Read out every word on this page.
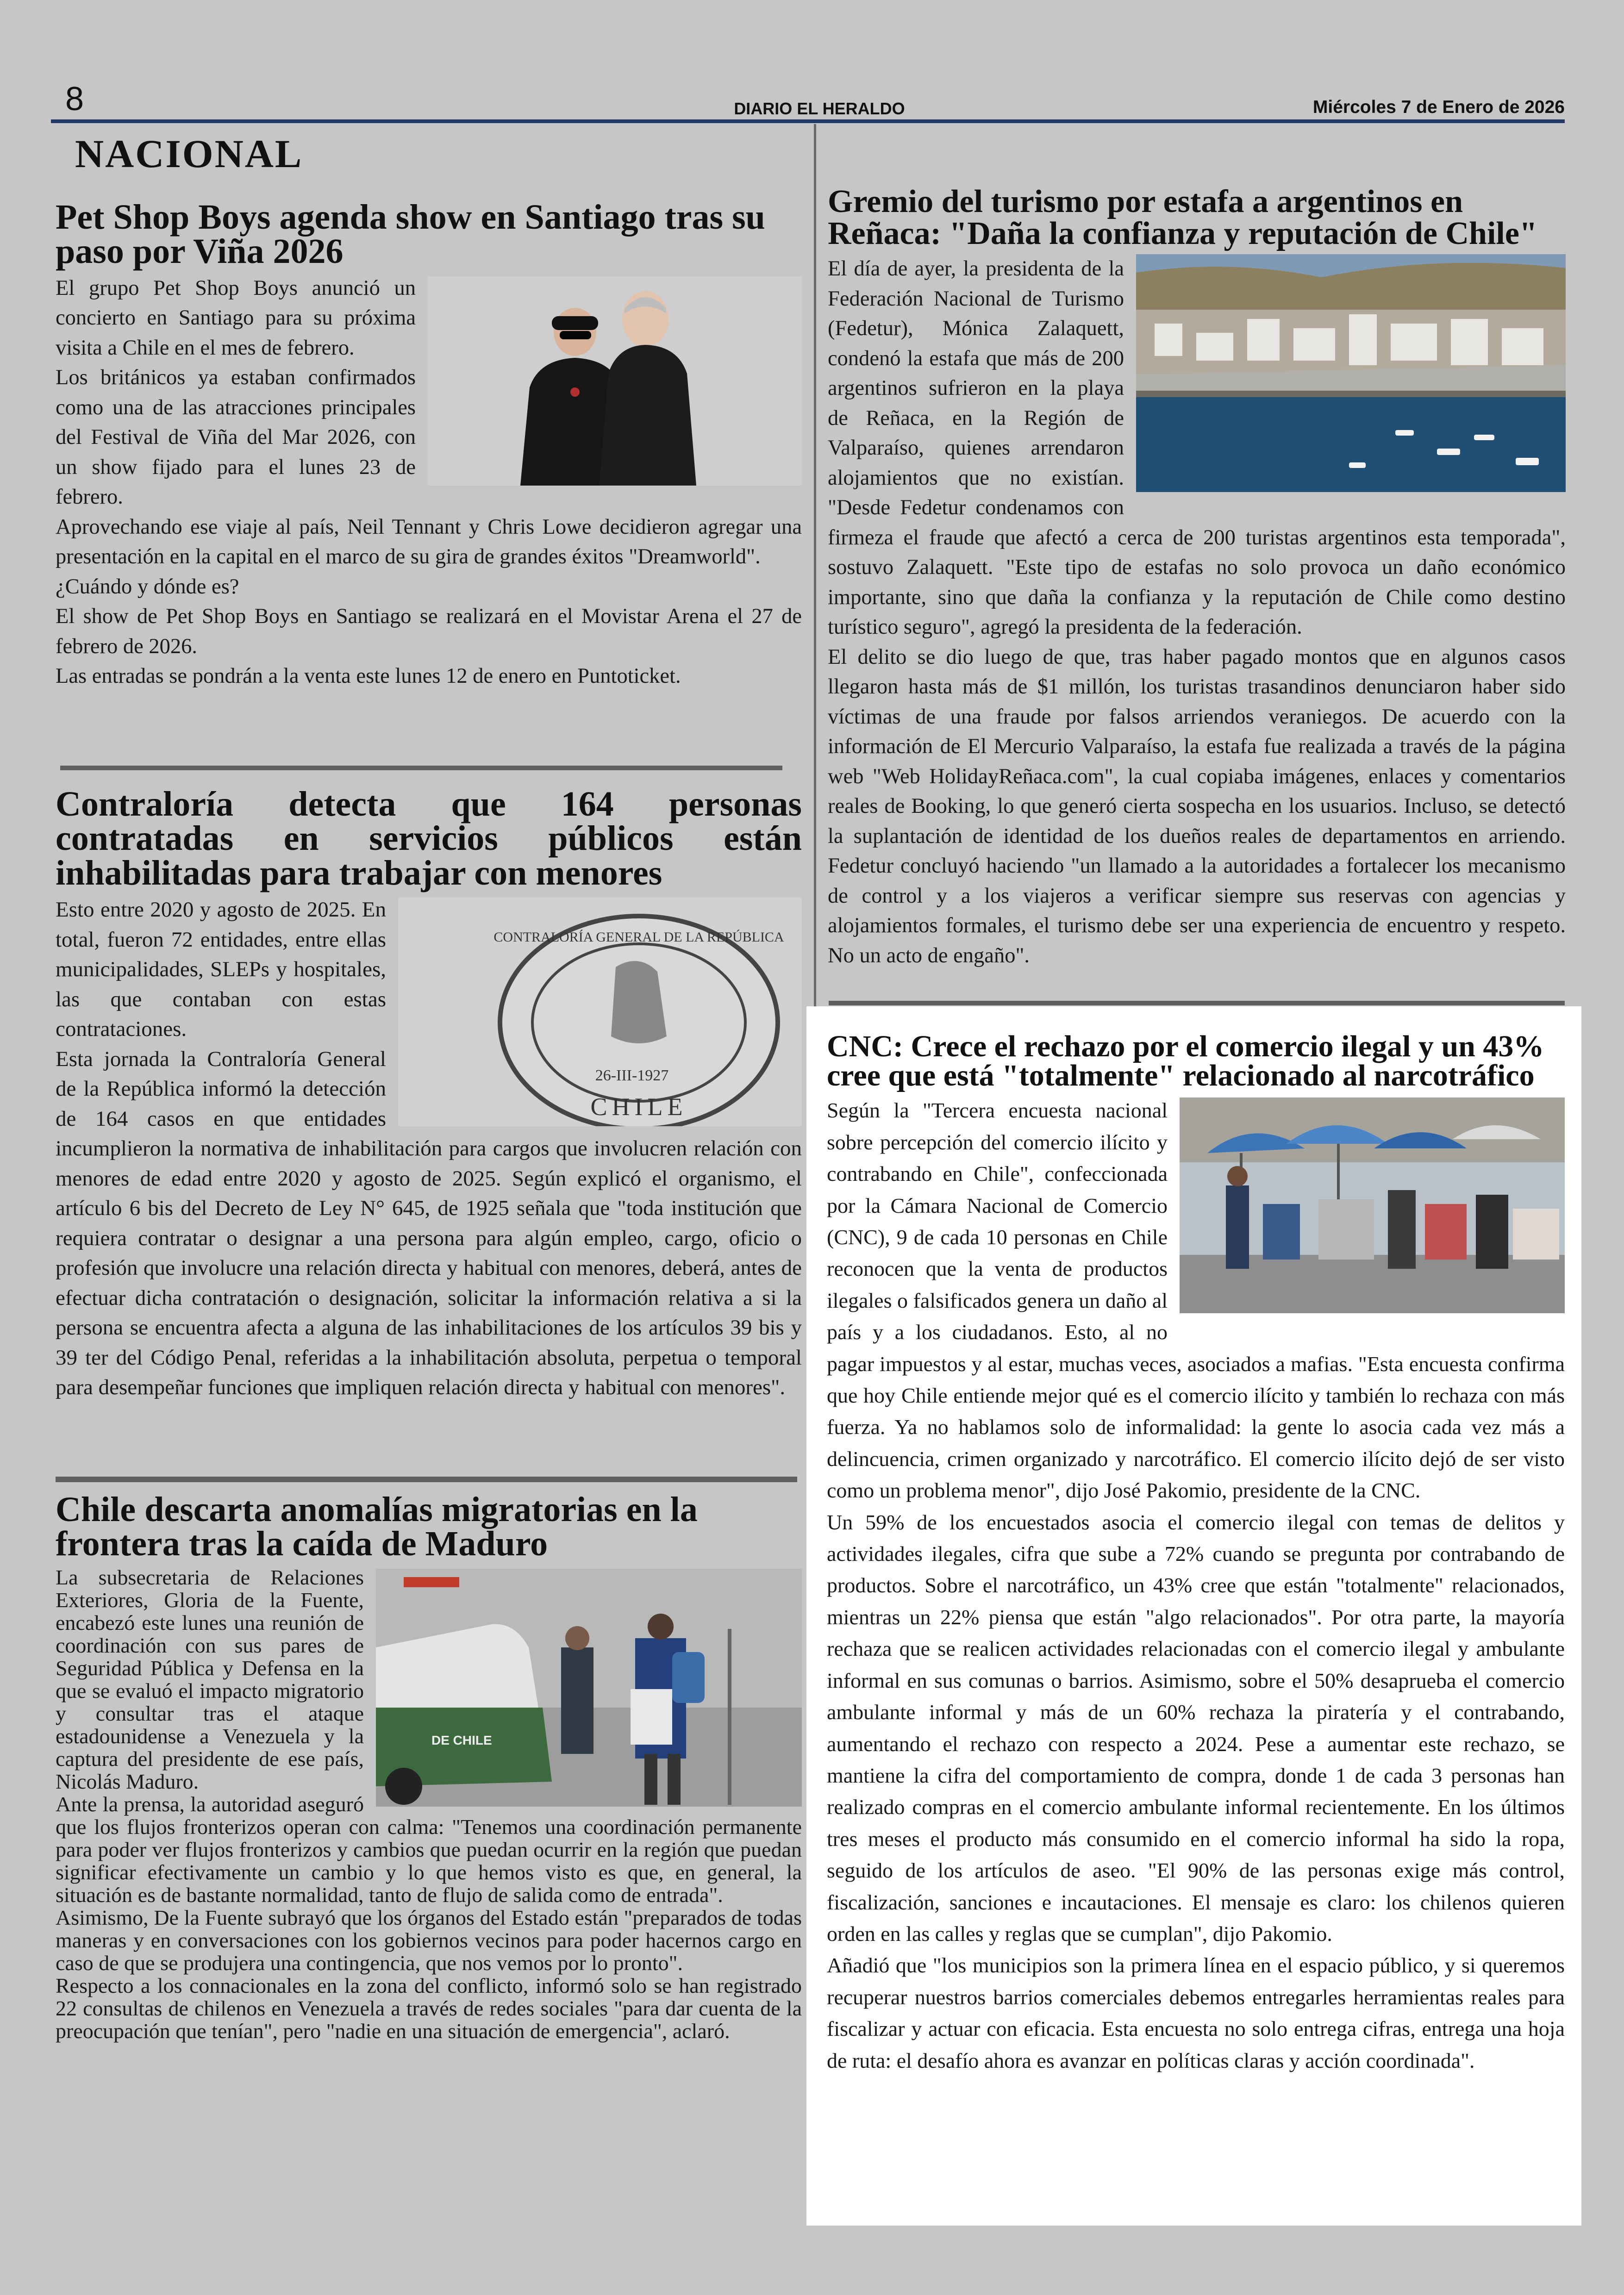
8	DIARIO EL HERALDO	Miércoles 7 de Enero de 2026
NACIONAL
Pet Shop Boys agenda show en Santiago tras su paso por Viña 2026

El grupo Pet Shop Boys anunció un concierto en Santiago para su próxima visita a Chile en el mes de febrero.

Los británicos ya estaban confirmados como una de las atracciones principales del Festival de Viña del Mar 2026, con un show fijado para el lunes 23 de febrero.

Aprovechando ese viaje al país, Neil Tennant y Chris Lowe decidieron agregar una presentación en la capital en el marco de su gira de grandes éxitos "Dreamworld".

¿Cuándo y dónde es?

El show de Pet Shop Boys en Santiago se realizará en el Movistar Arena el 27 de febrero de 2026.

Las entradas se pondrán a la venta este lunes 12 de enero en Puntoticket.

Contraloría detecta que 164 personas contratadas en servicios públicos están inhabilitadas para trabajar con menores
26-III-1927
CHILE
CONTRALORÍA GENERAL DE LA REPÚBLICA

Esto entre 2020 y agosto de 2025. En total, fueron 72 entidades, entre ellas municipalidades, SLEPs y hospitales, las que contaban con estas contrataciones.

Esta jornada la Contraloría General de la República informó la detección de 164 casos en que entidades incumplieron la normativa de inhabilitación para cargos que involucren relación con menores de edad entre 2020 y agosto de 2025. Según explicó el organismo, el artículo 6 bis del Decreto de Ley N° 645, de 1925 señala que "toda institución que requiera contratar o designar a una persona para algún empleo, cargo, oficio o profesión que involucre una relación directa y habitual con menores, deberá, antes de efectuar dicha contratación o designación, solicitar la información relativa a si la persona se encuentra afecta a alguna de las inhabilitaciones de los artículos 39 bis y 39 ter del Código Penal, referidas a la inhabilitación absoluta, perpetua o temporal para desempeñar funciones que impliquen relación directa y habitual con menores".

Chile descarta anomalías migratorias en la frontera tras la caída de Maduro
DE CHILE

La subsecretaria de Relaciones Exteriores, Gloria de la Fuente, encabezó este lunes una reunión de coordinación con sus pares de Seguridad Pública y Defensa en la que se evaluó el impacto migratorio y consultar tras el ataque estadounidense a Venezuela y la captura del presidente de ese país, Nicolás Maduro.

Ante la prensa, la autoridad aseguró que los flujos fronterizos operan con calma: "Tenemos una coordinación permanente para poder ver flujos fronterizos y cambios que puedan ocurrir en la región que puedan significar efectivamente un cambio y lo que hemos visto es que, en general, la situación es de bastante normalidad, tanto de flujo de salida como de entrada".

Asimismo, De la Fuente subrayó que los órganos del Estado están "preparados de todas maneras y en conversaciones con los gobiernos vecinos para poder hacernos cargo en caso de que se produjera una contingencia, que nos vemos por lo pronto".

Respecto a los connacionales en la zona del conflicto, informó solo se han registrado 22 consultas de chilenos en Venezuela a través de redes sociales "para dar cuenta de la preocupación que tenían", pero "nadie en una situación de emergencia", aclaró.

Gremio del turismo por estafa a argentinos en Reñaca: "Daña la confianza y reputación de Chile"

El día de ayer, la presidenta de la Federación Nacional de Turismo (Fedetur), Mónica Zalaquett, condenó la estafa que más de 200 argentinos sufrieron en la playa de Reñaca, en la Región de Valparaíso, quienes arrendaron alojamientos que no existían. "Desde Fedetur condenamos con firmeza el fraude que afectó a cerca de 200 turistas argentinos esta temporada", sostuvo Zalaquett. "Este tipo de estafas no solo provoca un daño económico importante, sino que daña la confianza y la reputación de Chile como destino turístico seguro", agregó la presidenta de la federación.

El delito se dio luego de que, tras haber pagado montos que en algunos casos llegaron hasta más de $1 millón, los turistas trasandinos denunciaron haber sido víctimas de una fraude por falsos arriendos veraniegos. De acuerdo con la información de El Mercurio Valparaíso, la estafa fue realizada a través de la página web "Web HolidayReñaca.com", la cual copiaba imágenes, enlaces y comentarios reales de Booking, lo que generó cierta sospecha en los usuarios. Incluso, se detectó la suplantación de identidad de los dueños reales de departamentos en arriendo. Fedetur concluyó haciendo "un llamado a la autoridades a fortalecer los mecanismo de control y a los viajeros a verificar siempre sus reservas con agencias y alojamientos formales, el turismo debe ser una experiencia de encuentro y respeto. No un acto de engaño".

CNC: Crece el rechazo por el comercio ilegal y un 43% cree que está "totalmente" relacionado al narcotráfico

Según la "Tercera encuesta nacional sobre percepción del comercio ilícito y contrabando en Chile", confeccionada por la Cámara Nacional de Comercio (CNC), 9 de cada 10 personas en Chile reconocen que la venta de productos ilegales o falsificados genera un daño al país y a los ciudadanos. Esto, al no pagar impuestos y al estar, muchas veces, asociados a mafias. "Esta encuesta confirma que hoy Chile entiende mejor qué es el comercio ilícito y también lo rechaza con más fuerza. Ya no hablamos solo de informalidad: la gente lo asocia cada vez más a delincuencia, crimen organizado y narcotráfico. El comercio ilícito dejó de ser visto como un problema menor", dijo José Pakomio, presidente de la CNC.

Un 59% de los encuestados asocia el comercio ilegal con temas de delitos y actividades ilegales, cifra que sube a 72% cuando se pregunta por contrabando de productos. Sobre el narcotráfico, un 43% cree que están "totalmente" relacionados, mientras un 22% piensa que están "algo relacionados". Por otra parte, la mayoría rechaza que se realicen actividades relacionadas con el comercio ilegal y ambulante informal en sus comunas o barrios. Asimismo, sobre el 50% desaprueba el comercio ambulante informal y más de un 60% rechaza la piratería y el contrabando, aumentando el rechazo con respecto a 2024. Pese a aumentar este rechazo, se mantiene la cifra del comportamiento de compra, donde 1 de cada 3 personas han realizado compras en el comercio ambulante informal recientemente. En los últimos tres meses el producto más consumido en el comercio informal ha sido la ropa, seguido de los artículos de aseo. "El 90% de las personas exige más control, fiscalización, sanciones e incautaciones. El mensaje es claro: los chilenos quieren orden en las calles y reglas que se cumplan", dijo Pakomio.

Añadió que "los municipios son la primera línea en el espacio público, y si queremos recuperar nuestros barrios comerciales debemos entregarles herramientas reales para fiscalizar y actuar con eficacia. Esta encuesta no solo entrega cifras, entrega una hoja de ruta: el desafío ahora es avanzar en políticas claras y acción coordinada".
